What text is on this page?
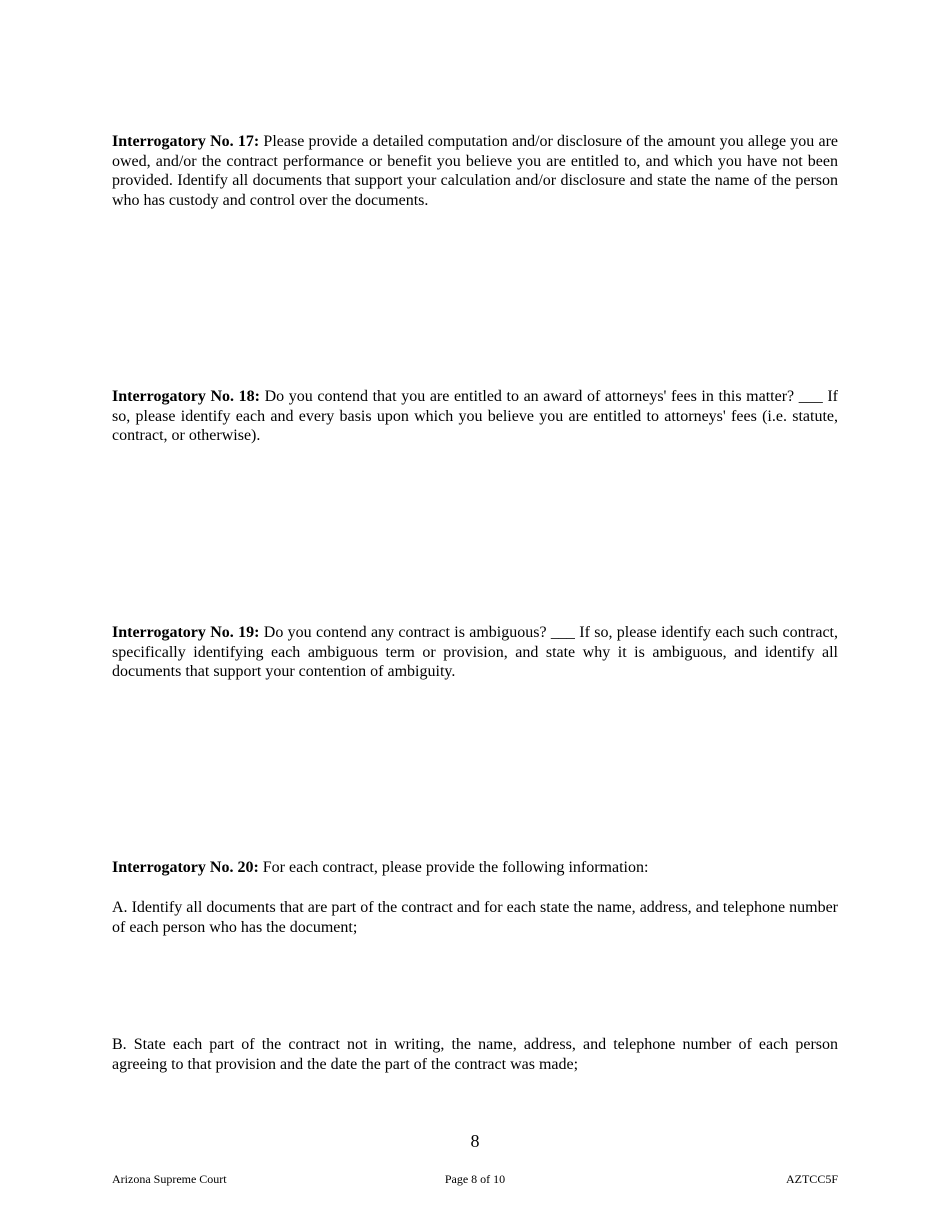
Interrogatory No. 17: Please provide a detailed computation and/or disclosure of the amount you allege you are owed, and/or the contract performance or benefit you believe you are entitled to, and which you have not been provided. Identify all documents that support your calculation and/or disclosure and state the name of the person who has custody and control over the documents.

Interrogatory No. 18: Do you contend that you are entitled to an award of attorneys' fees in this matter? ___ If so, please identify each and every basis upon which you believe you are entitled to attorneys' fees (i.e. statute, contract, or otherwise).

Interrogatory No. 19: Do you contend any contract is ambiguous? ___ If so, please identify each such contract, specifically identifying each ambiguous term or provision, and state why it is ambiguous, and identify all documents that support your contention of ambiguity.

Interrogatory No. 20: For each contract, please provide the following information:

A. Identify all documents that are part of the contract and for each state the name, address, and telephone number of each person who has the document;

B. State each part of the contract not in writing, the name, address, and telephone number of each person agreeing to that provision and the date the part of the contract was made;

8
Arizona Supreme Court	Page 8 of 10	AZTCC5F
